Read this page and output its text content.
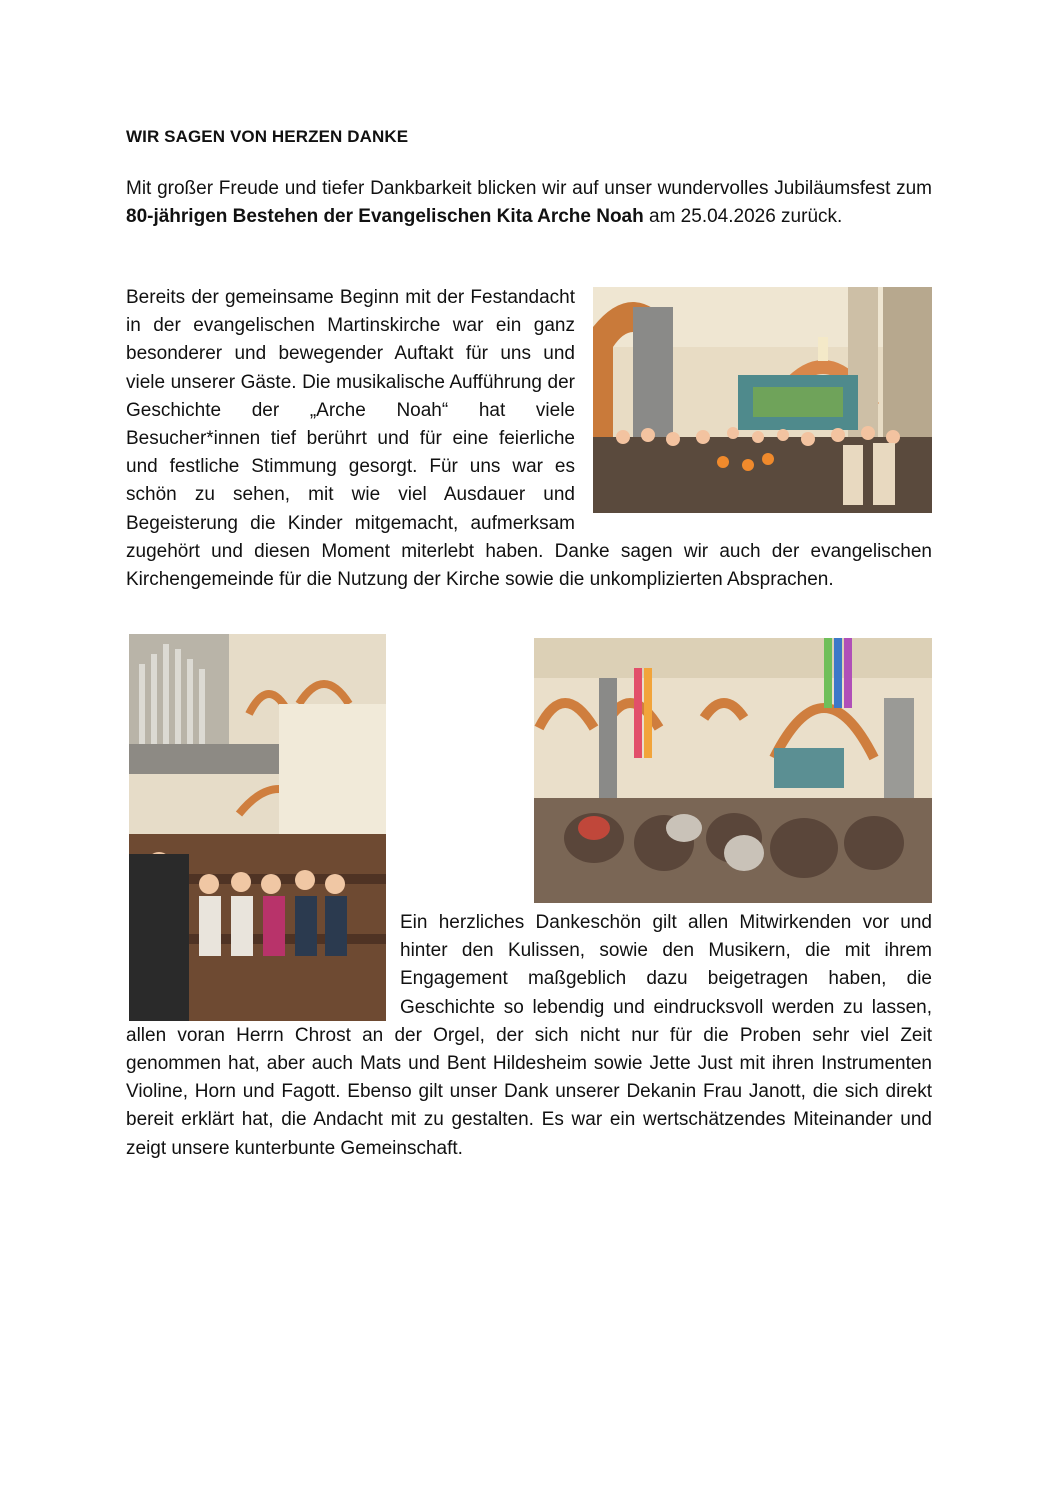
WIR SAGEN VON HERZEN DANKE
Mit großer Freude und tiefer Dankbarkeit blicken wir auf unser wundervolles Jubiläumsfest zum 80-jährigen Bestehen der Evangelischen Kita Arche Noah am 25.04.2026 zurück.
Bereits der gemeinsame Beginn mit der Festandacht in der evangelischen Martinskirche war ein ganz besonderer und bewegender Auftakt für uns und viele unserer Gäste. Die musikalische Aufführung der Geschichte der „Arche Noah“ hat viele Besucher*innen tief berührt und für eine feierliche und festliche Stimmung gesorgt. Für uns war es schön zu sehen, mit wie viel Ausdauer und Begeisterung die Kinder mitgemacht, aufmerksam zugehört und diesen Moment miterlebt haben. Danke sagen wir auch der evangelischen Kirchengemeinde für die Nutzung der Kirche sowie die unkomplizierten Absprachen.
Ein herzliches Dankeschön gilt allen Mitwirkenden vor und hinter den Kulissen, sowie den Musikern, die mit ihrem Engagement maßgeblich dazu beigetragen haben, die Geschichte so lebendig und eindrucksvoll werden zu lassen, allen voran Herrn Chrost an der Orgel, der sich nicht nur für die Proben sehr viel Zeit genommen hat, aber auch Mats und Bent Hildesheim sowie Jette Just mit ihren Instrumenten Violine, Horn und Fagott. Ebenso gilt unser Dank unserer Dekanin Frau Janott, die sich direkt bereit erklärt hat, die Andacht mit zu gestalten. Es war ein wertschätzendes Miteinander und zeigt unsere kunterbunte Gemeinschaft.
